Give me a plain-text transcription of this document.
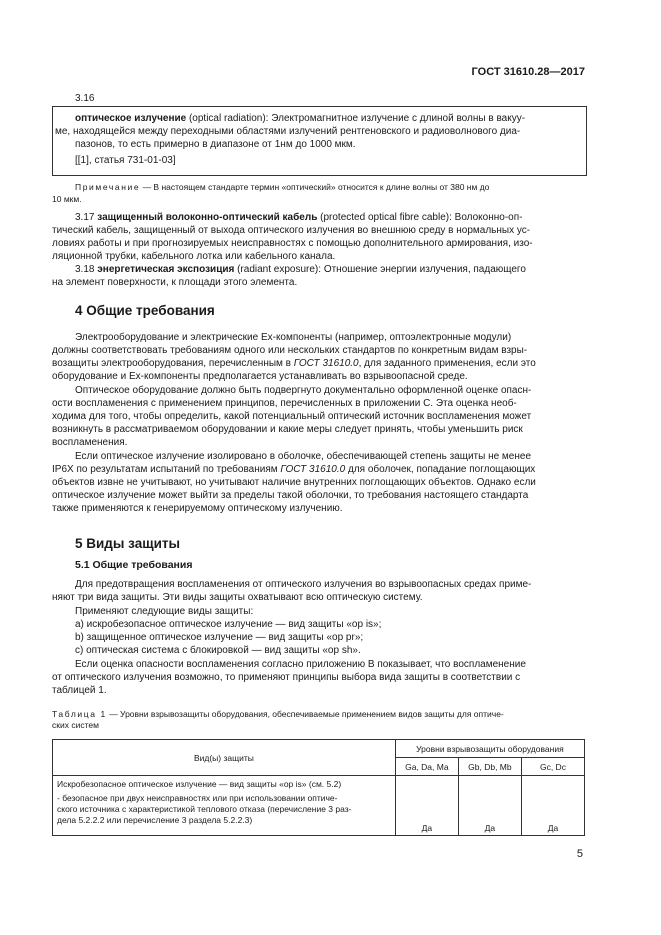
ГОСТ 31610.28—2017
3.16
оптическое излучение (optical radiation): Электромагнитное излучение с длиной волны в вакуу-
ме, находящейся между переходными областями излучений рентгеновского и радиоволнового диа-
пазонов, то есть примерно в диапазоне от 1нм до 1000 мкм.
[[1], статья 731-01-03]
Примечание — В настоящем стандарте термин «оптический» относится к длине волны от 380 нм до
10 мкм.
3.17 защищенный волоконно-оптический кабель (protected optical fibre cable): Волоконно-оп-
тический кабель, защищенный от выхода оптического излучения во внешнюю среду в нормальных ус-
ловиях работы и при прогнозируемых неисправностях с помощью дополнительного армирования, изо-
ляционной трубки, кабельного лотка или кабельного канала.
3.18 энергетическая экспозиция (radiant exposure): Отношение энергии излучения, падающего
на элемент поверхности, к площади этого элемента.
4 Общие требования
Электрооборудование и электрические Ех-компоненты (например, оптоэлектронные модули)
должны соответствовать требованиям одного или нескольких стандартов по конкретным видам взры-
возащиты электрооборудования, перечисленным в ГОСТ 31610.0, для заданного применения, если это
оборудование и Ех-компоненты предполагается устанавливать во взрывоопасной среде.
Оптическое оборудование должно быть подвергнуто документально оформленной оценке опасн-
ости воспламенения с применением принципов, перечисленных в приложении С. Эта оценка необ-
ходима для того, чтобы определить, какой потенциальный оптический источник воспламенения может
возникнуть в рассматриваемом оборудовании и какие меры следует принять, чтобы уменьшить риск
воспламенения.
Если оптическое излучение изолировано в оболочке, обеспечивающей степень защиты не менее
IP6X по результатам испытаний по требованиям ГОСТ 31610.0 для оболочек, попадание поглощающих
объектов извне не учитывают, но учитывают наличие внутренних поглощающих объектов. Однако если
оптическое излучение может выйти за пределы такой оболочки, то требования настоящего стандарта
также применяются к генерируемому оптическому излучению.
5 Виды защиты
5.1 Общие требования
Для предотвращения воспламенения от оптического излучения во взрывоопасных средах приме-
няют три вида защиты. Эти виды защиты охватывают всю оптическую систему.
Применяют следующие виды защиты:
а) искробезопасное оптическое излучение — вид защиты «op is»;
b) защищенное оптическое излучение — вид защиты «op pr»;
с) оптическая система с блокировкой — вид защиты «op sh».
Если оценка опасности воспламенения согласно приложению В показывает, что воспламенение
от оптического излучения возможно, то применяют принципы выбора вида защиты в соответствии с
таблицей 1.
Таблица 1 — Уровни взрывозащиты оборудования, обеспечиваемые применением видов защиты для оптиче-
ских систем
Вид(ы) защиты	Уровни взрывозащиты оборудования		
	Ga, Da, Ma	Gb, Db, Mb	Gc, Dc

Искробезопасное оптическое излучение — вид защиты «op is» (см. 5.2)
- безопасное при двух неисправностях или при использовании оптиче-
ского источника с характеристикой теплового отказа (перечисление 3 раз-
дела 5.2.2.2 или перечисление 3 раздела 5.2.2.3)	Да	Да	Да
5
